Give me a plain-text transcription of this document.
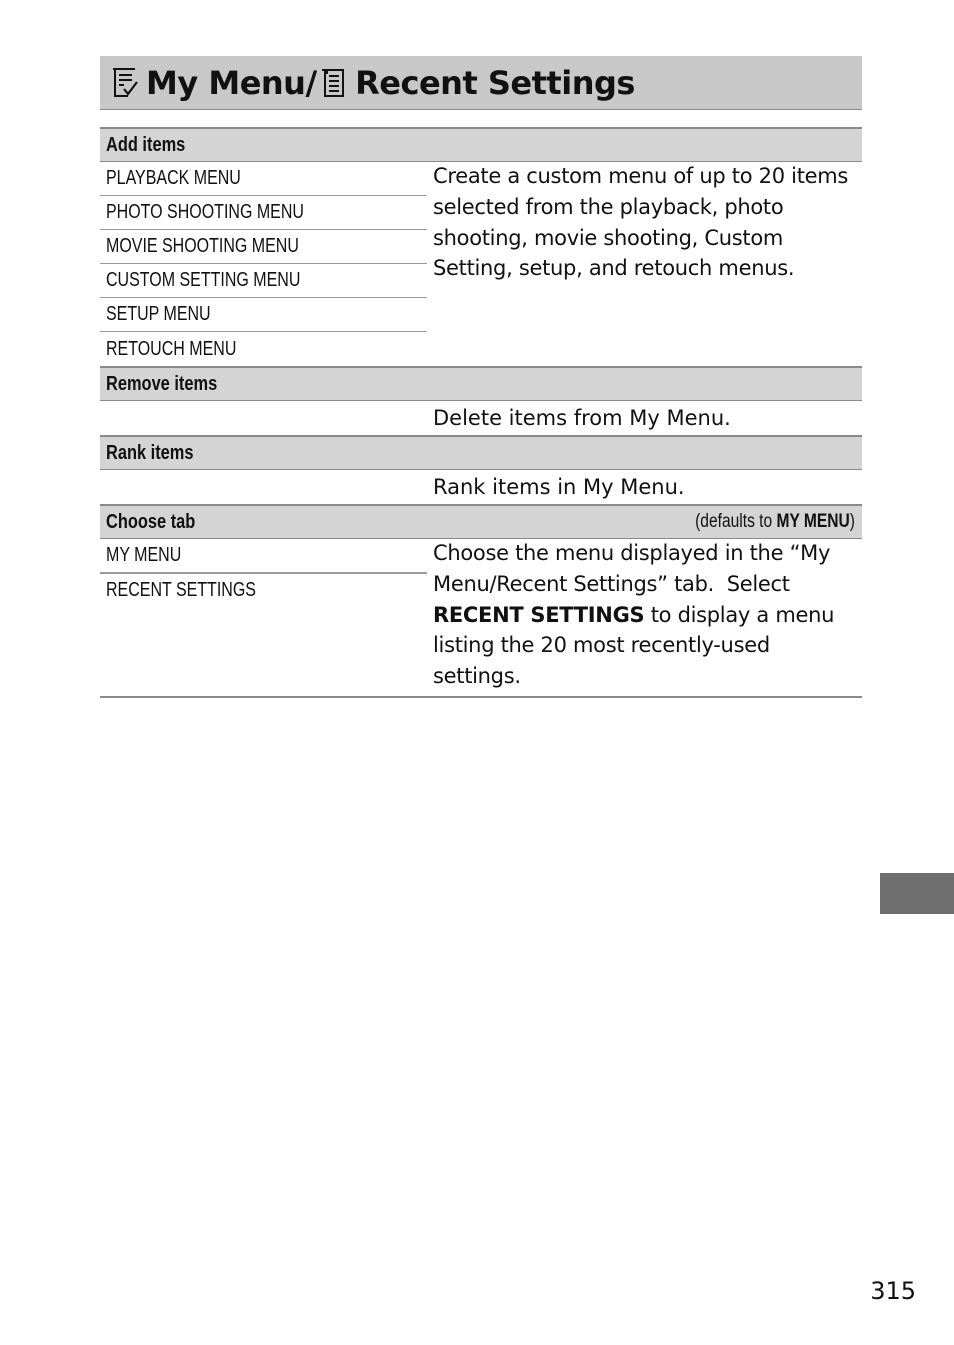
My Menu / Recent Settings
Add items
PLAYBACK MENU
PHOTO SHOOTING MENU
MOVIE SHOOTING MENU
CUSTOM SETTING MENU
SETUP MENU
RETOUCH MENU
Create a custom menu of up to 20 items selected from the playback, photo shooting, movie shooting, Custom Setting, setup, and retouch menus.
Remove items
Delete items from My Menu.
Rank items
Rank items in My Menu.
Choose tab	(defaults to MY MENU )
MY MENU
RECENT SETTINGS
Choose the menu displayed in the “My Menu/Recent Settings” tab.  Select RECENT SETTINGS to display a menu listing the 20 most recently-used settings.
315
